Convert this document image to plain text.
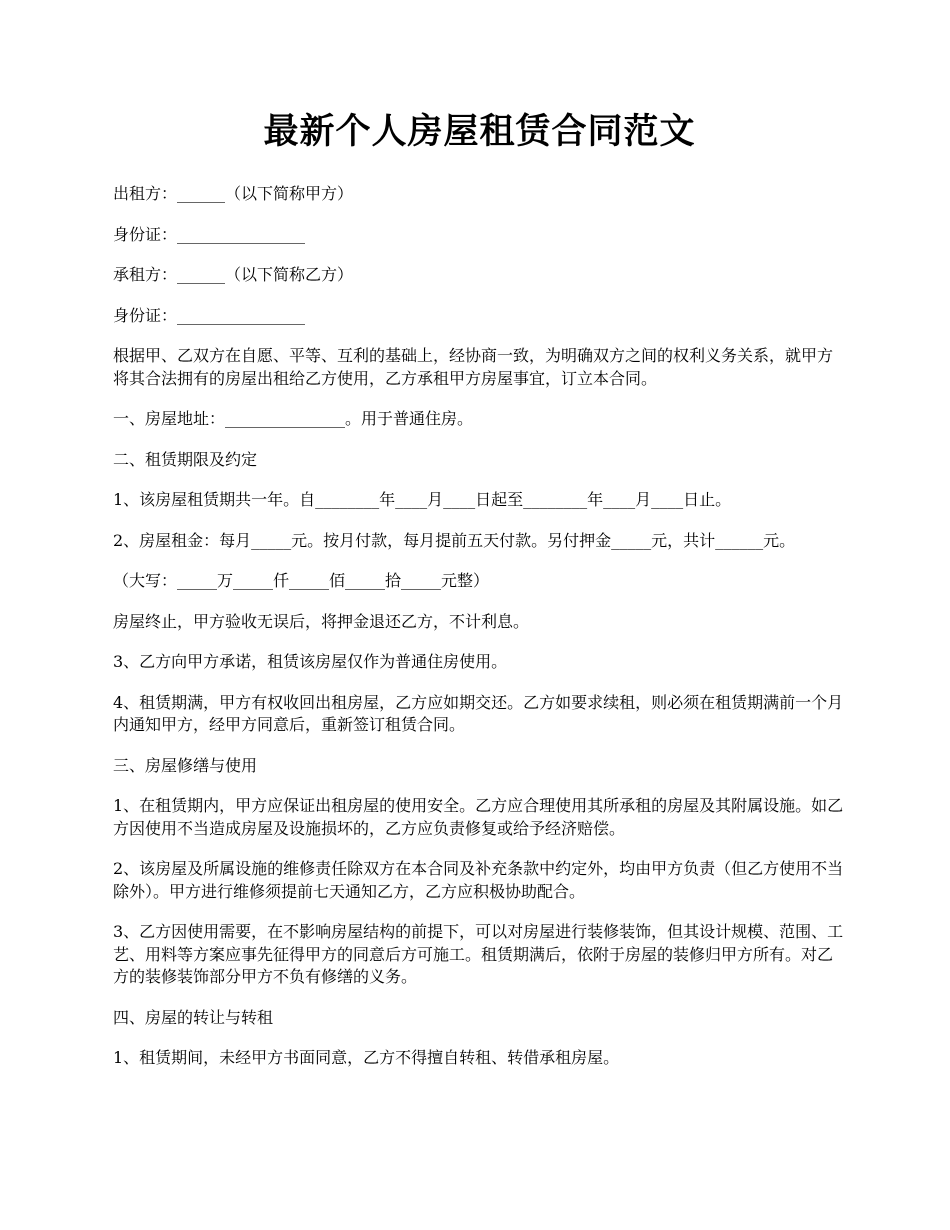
最新个人房屋租赁合同范文

出租方：______（以下简称甲方）

身份证：________________

承租方：______（以下简称乙方）

身份证：________________

根据甲、乙双方在自愿、平等、互利的基础上，经协商一致，为明确双方之间的权利义务关系，就甲方将其合法拥有的房屋出租给乙方使用，乙方承租甲方房屋事宜，订立本合同。

一、房屋地址：_______________。用于普通住房。

二、租赁期限及约定

1、该房屋租赁期共一年。自________年____月____日起至________年____月____日止。

2、房屋租金：每月_____元。按月付款，每月提前五天付款。另付押金_____元，共计______元。

（大写：_____万_____仟_____佰_____拾_____元整）

房屋终止，甲方验收无误后，将押金退还乙方，不计利息。

3、乙方向甲方承诺，租赁该房屋仅作为普通住房使用。

4、租赁期满，甲方有权收回出租房屋，乙方应如期交还。乙方如要求续租，则必须在租赁期满前一个月内通知甲方，经甲方同意后，重新签订租赁合同。

三、房屋修缮与使用

1、在租赁期内，甲方应保证出租房屋的使用安全。乙方应合理使用其所承租的房屋及其附属设施。如乙方因使用不当造成房屋及设施损坏的，乙方应负责修复或给予经济赔偿。

2、该房屋及所属设施的维修责任除双方在本合同及补充条款中约定外，均由甲方负责（但乙方使用不当除外）。甲方进行维修须提前七天通知乙方，乙方应积极协助配合。

3、乙方因使用需要，在不影响房屋结构的前提下，可以对房屋进行装修装饰，但其设计规模、范围、工艺、用料等方案应事先征得甲方的同意后方可施工。租赁期满后，依附于房屋的装修归甲方所有。对乙方的装修装饰部分甲方不负有修缮的义务。

四、房屋的转让与转租

1、租赁期间，未经甲方书面同意，乙方不得擅自转租、转借承租房屋。
